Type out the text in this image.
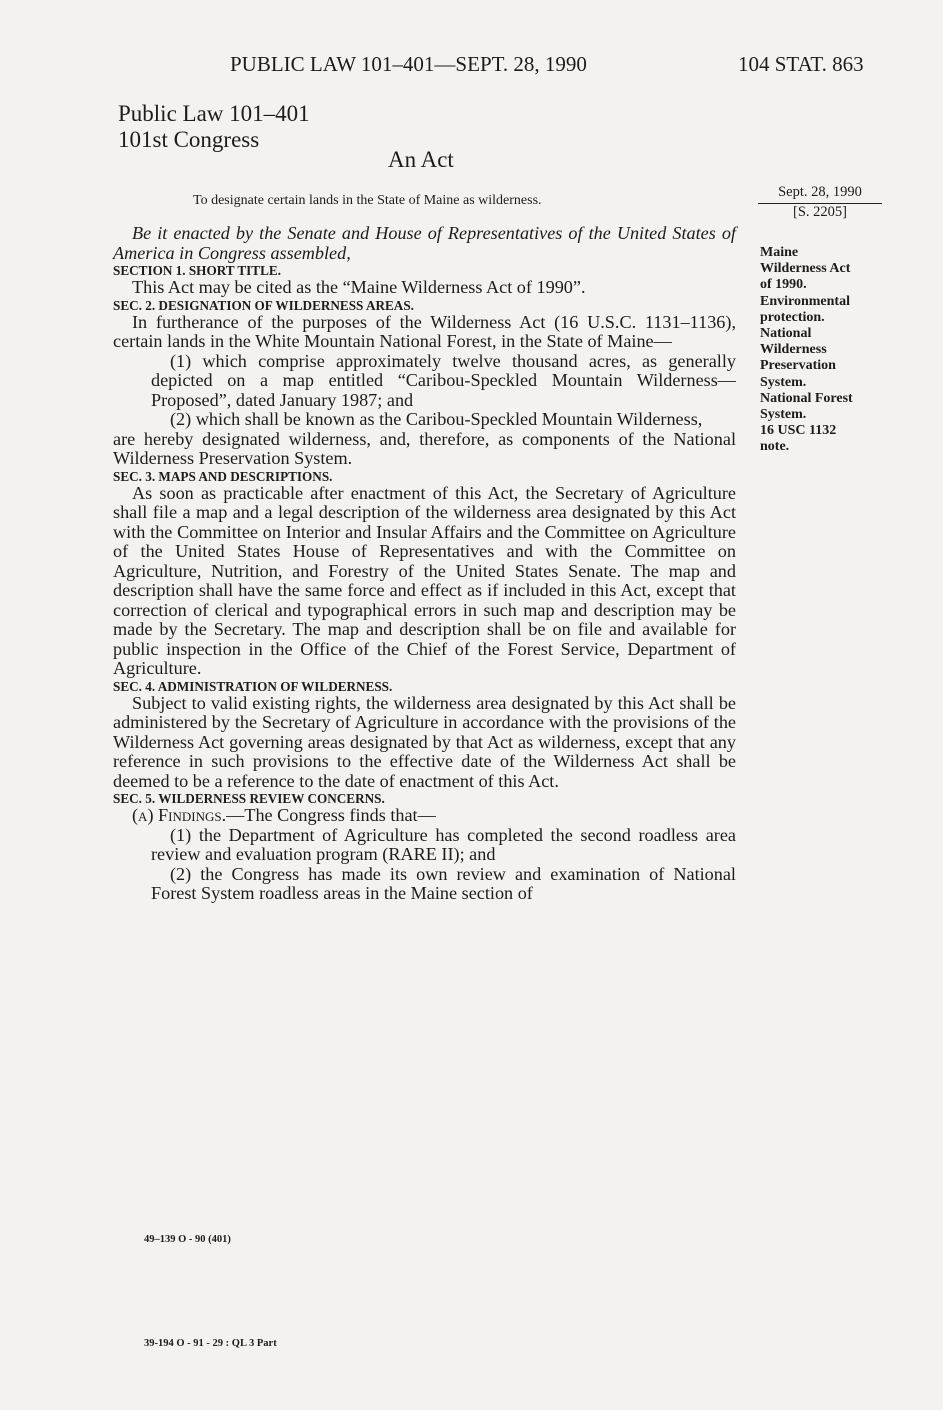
PUBLIC LAW 101–401—SEPT. 28, 1990	104 STAT. 863
Public Law 101–401
101st Congress
An Act
To designate certain lands in the State of Maine as wilderness.
Sept. 28, 1990
[S. 2205]
Maine
Wilderness Act
of 1990.
Environmental
protection.
National
Wilderness
Preservation
System.
National Forest
System.
16 USC 1132
note.

Be it enacted by the Senate and House of Representatives of the United States of America in Congress assembled,

SECTION 1. SHORT TITLE.

This Act may be cited as the “Maine Wilderness Act of 1990”.

SEC. 2. DESIGNATION OF WILDERNESS AREAS.

In furtherance of the purposes of the Wilderness Act (16 U.S.C. 1131–1136), certain lands in the White Mountain National Forest, in the State of Maine—

(1) which comprise approximately twelve thousand acres, as generally depicted on a map entitled “Caribou-Speckled Mountain Wilderness—Proposed”, dated January 1987; and

(2) which shall be known as the Caribou-Speckled Mountain Wilderness,

are hereby designated wilderness, and, therefore, as components of the National Wilderness Preservation System.

SEC. 3. MAPS AND DESCRIPTIONS.

As soon as practicable after enactment of this Act, the Secretary of Agriculture shall file a map and a legal description of the wilderness area designated by this Act with the Committee on Interior and Insular Affairs and the Committee on Agriculture of the United States House of Representatives and with the Committee on Agriculture, Nutrition, and Forestry of the United States Senate. The map and description shall have the same force and effect as if included in this Act, except that correction of clerical and typographical errors in such map and description may be made by the Secretary. The map and description shall be on file and available for public inspection in the Office of the Chief of the Forest Service, Department of Agriculture.

SEC. 4. ADMINISTRATION OF WILDERNESS.

Subject to valid existing rights, the wilderness area designated by this Act shall be administered by the Secretary of Agriculture in accordance with the provisions of the Wilderness Act governing areas designated by that Act as wilderness, except that any reference in such provisions to the effective date of the Wilderness Act shall be deemed to be a reference to the date of enactment of this Act.

SEC. 5. WILDERNESS REVIEW CONCERNS.

(a) Findings.—The Congress finds that—

(1) the Department of Agriculture has completed the second roadless area review and evaluation program (RARE II); and

(2) the Congress has made its own review and examination of National Forest System roadless areas in the Maine section of

49–139 O - 90 (401)
39-194 O - 91 - 29 : QL 3 Part
